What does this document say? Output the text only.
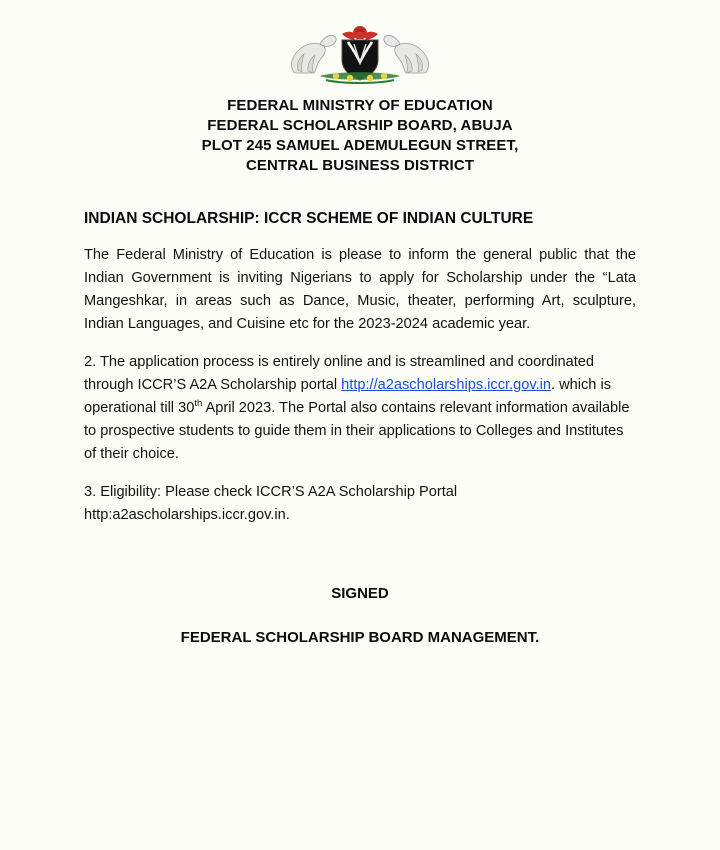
FEDERAL MINISTRY OF EDUCATION
FEDERAL SCHOLARSHIP BOARD, ABUJA
PLOT 245 SAMUEL ADEMULEGUN STREET,
CENTRAL BUSINESS DISTRICT
INDIAN SCHOLARSHIP: ICCR SCHEME OF INDIAN CULTURE

The Federal Ministry of Education is please to inform the general public that the Indian Government is inviting Nigerians to apply for Scholarship under the “Lata Mangeshkar, in areas such as Dance, Music, theater, performing Art, sculpture, Indian Languages, and Cuisine etc for the 2023-2024 academic year.

2. The application process is entirely online and is streamlined and coordinated through ICCR’S A2A Scholarship portal http://a2ascholarships.iccr.gov.in. which is operational till 30th April 2023. The Portal also contains relevant information available to prospective students to guide them in their applications to Colleges and Institutes of their choice.

3. Eligibility: Please check ICCR’S A2A Scholarship Portal http:a2ascholarships.iccr.gov.in.

SIGNED
FEDERAL SCHOLARSHIP BOARD MANAGEMENT.
